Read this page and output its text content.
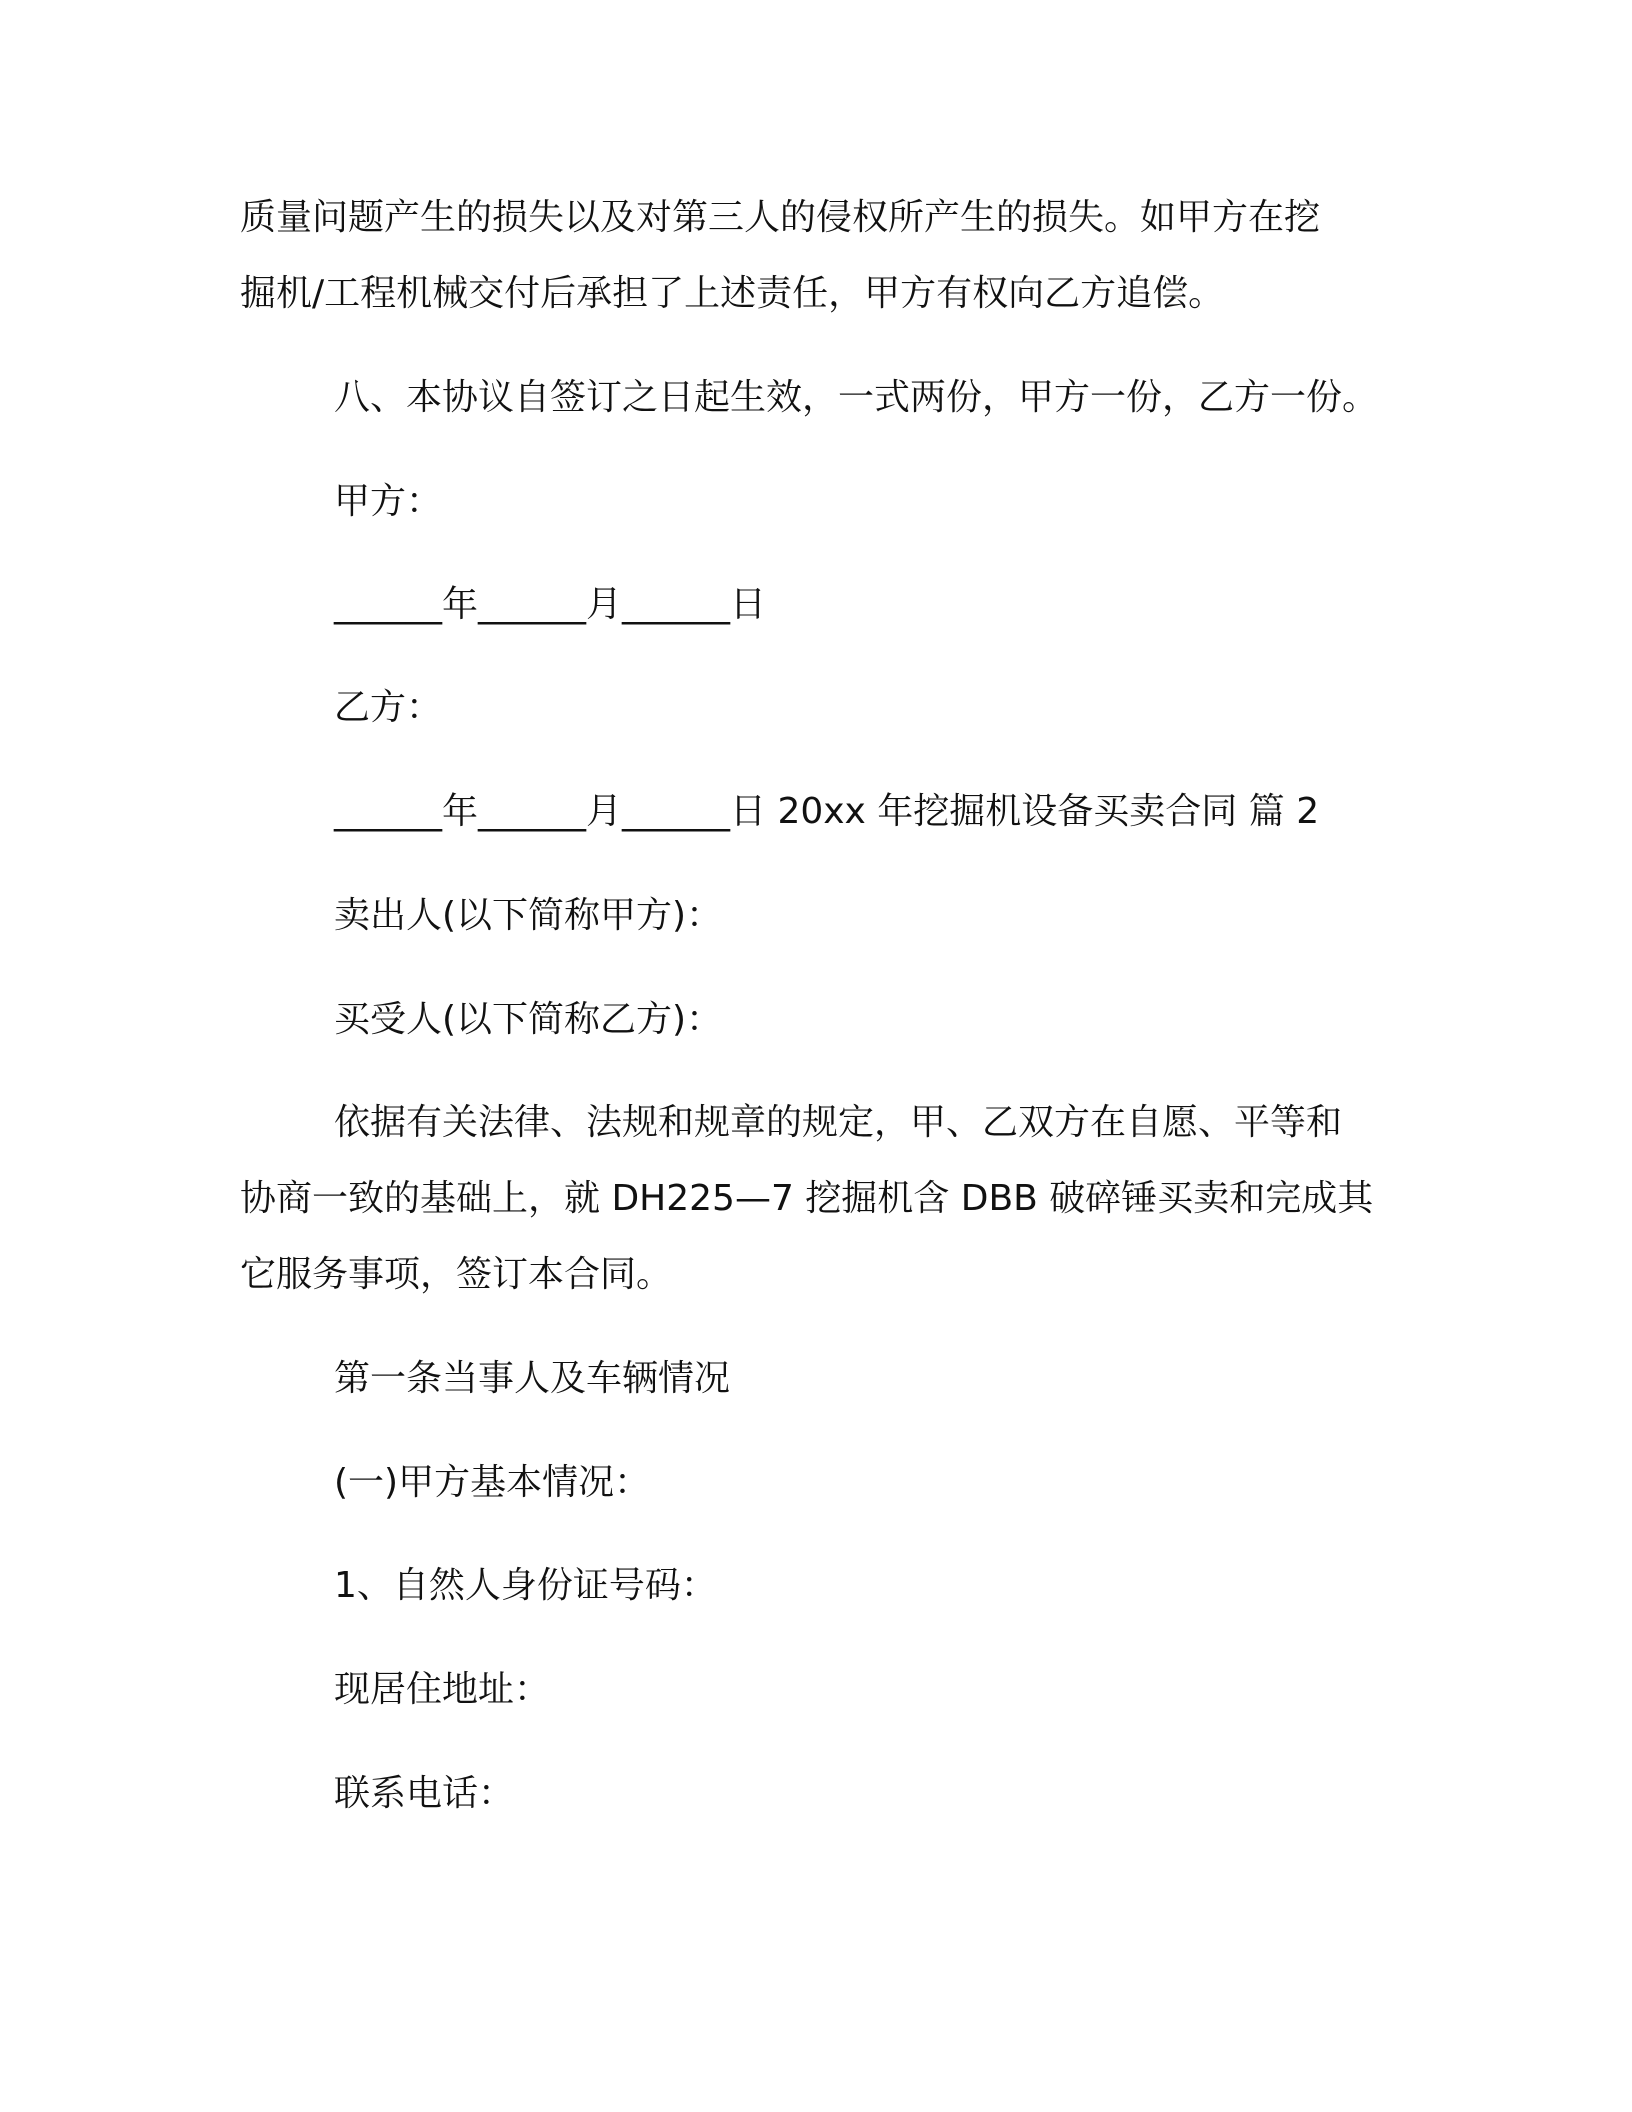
质量问题产生的损失以及对第三人的侵权所产生的损失。如甲方在挖

掘机/工程机械交付后承担了上述责任，甲方有权向乙方追偿。

八、本协议自签订之日起生效，一式两份，甲方一份，乙方一份。

甲方：

______年______月______日

乙方：

______年______月______日 20xx 年挖掘机设备买卖合同 篇 2

卖出人(以下简称甲方)：

买受人(以下简称乙方)：

依据有关法律、法规和规章的规定，甲、乙双方在自愿、平等和

协商一致的基础上，就 DH225—7 挖掘机含 DBB 破碎锤买卖和完成其

它服务事项，签订本合同。

第一条当事人及车辆情况

(一)甲方基本情况：

1、自然人身份证号码：

现居住地址：

联系电话：
